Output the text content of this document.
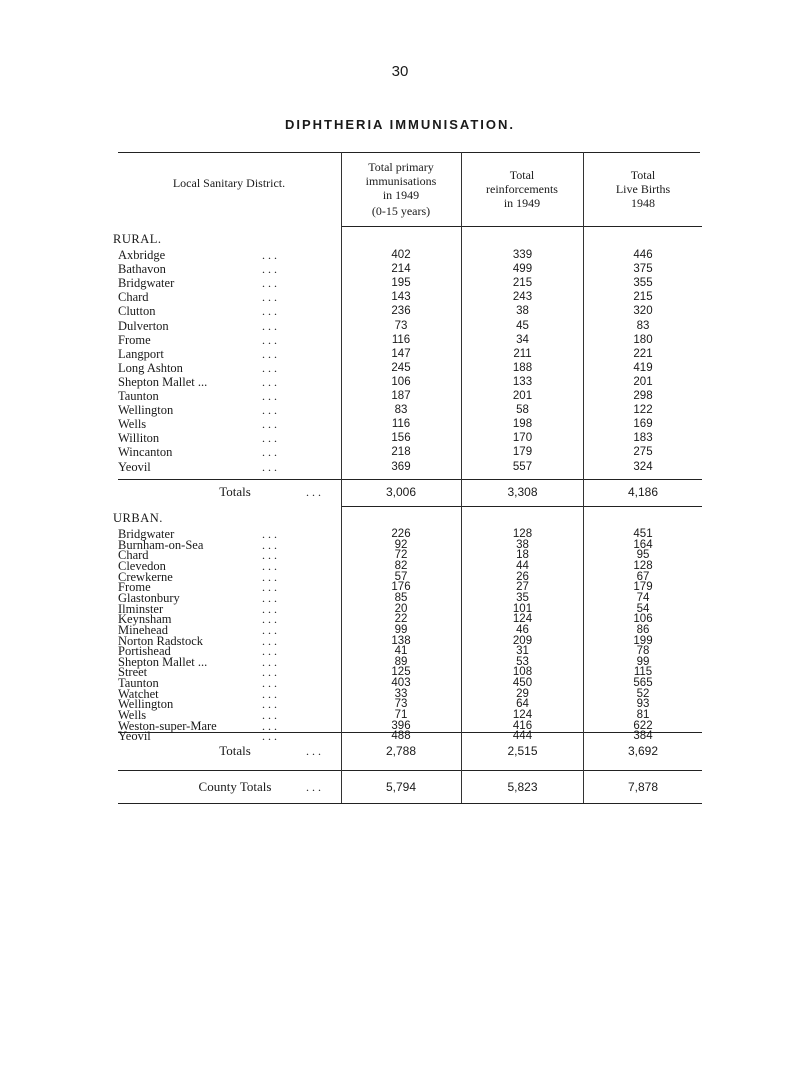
30
DIPHTHERIA IMMUNISATION.
Local Sanitary District.
Total primary
immunisations
in 1949
(0-15 years)
Total
reinforcements
in 1949
Total
Live Births
1948
RURAL.
Axbridge	...	402	339	446
Bathavon	...	214	499	375
Bridgwater	...	195	215	355
Chard	...	143	243	215
Clutton	...	236	38	320
Dulverton	...	73	45	83
Frome	...	116	34	180
Langport	...	147	211	221
Long Ashton	...	245	188	419
Shepton Mallet ...	...	106	133	201
Taunton	...	187	201	298
Wellington	...	83	58	122
Wells	...	116	198	169
Williton	...	156	170	183
Wincanton	...	218	179	275
Yeovil	...	369	557	324
Totals	...	3,006	3,308	4,186
URBAN.
Bridgwater	...	226	128	451
Burnham-on-Sea	...	92	38	164
Chard	...	72	18	95
Clevedon	...	82	44	128
Crewkerne	...	57	26	67
Frome	...	176	27	179
Glastonbury	...	85	35	74
Ilminster	...	20	101	54
Keynsham	...	22	124	106
Minehead	...	99	46	86
Norton Radstock	...	138	209	199
Portishead	...	41	31	78
Shepton Mallet ...	...	89	53	99
Street	...	125	108	115
Taunton	...	403	450	565
Watchet	...	33	29	52
Wellington	...	73	64	93
Wells	...	71	124	81
Weston-super-Mare	...	396	416	622
Yeovil	...	488	444	384
Totals	...	2,788	2,515	3,692
County Totals	...	5,794	5,823	7,878
